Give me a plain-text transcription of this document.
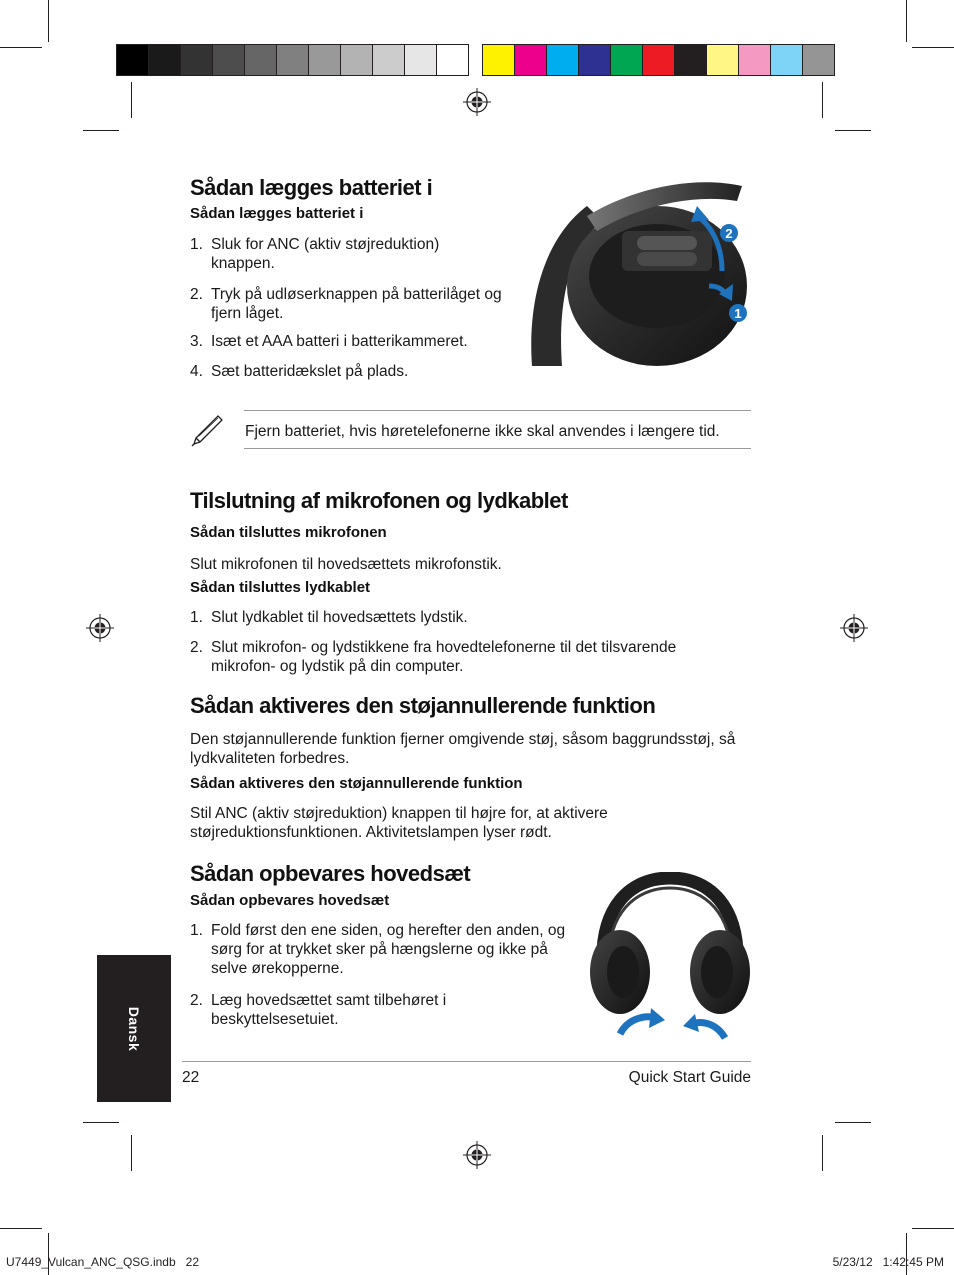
Sådan lægges batteriet i
Sådan lægges batteriet i
1. Sluk for ANC (aktiv støjreduktion) knappen.
2. Tryk på udløserknappen på batterilåget og fjern låget.
3. Isæt et AAA batteri i batterikammeret.
4. Sæt batteridækslet på plads.
2
1
Fjern batteriet, hvis høretelefonerne ikke skal anvendes i længere tid.
Tilslutning af mikrofonen og lydkablet
Sådan tilsluttes mikrofonen
Slut mikrofonen til hovedsættets mikrofonstik.
Sådan tilsluttes lydkablet
1. Slut lydkablet til hovedsættets lydstik.
2. Slut mikrofon- og lydstikkene fra hovedtelefonerne til det tilsvarende mikrofon- og lydstik på din computer.
Sådan aktiveres den støjannullerende funktion
Den støjannullerende funktion fjerner omgivende støj, såsom baggrundsstøj, så lydkvaliteten forbedres.
Sådan aktiveres den støjannullerende funktion
Stil ANC (aktiv støjreduktion) knappen til højre for, at aktivere støjreduktionsfunktionen. Aktivitetslampen lyser rødt.
Sådan opbevares hovedsæt
Sådan opbevares hovedsæt
1. Fold først den ene siden, og herefter den anden, og sørg for at trykket sker på hængslerne og ikke på selve ørekopperne.
2. Læg hovedsættet samt tilbehøret i beskyttelsesetuiet.
Dansk
22	Quick Start Guide
U7449_Vulcan_ANC_QSG.indb   22	5/23/12   1:42:45 PM
